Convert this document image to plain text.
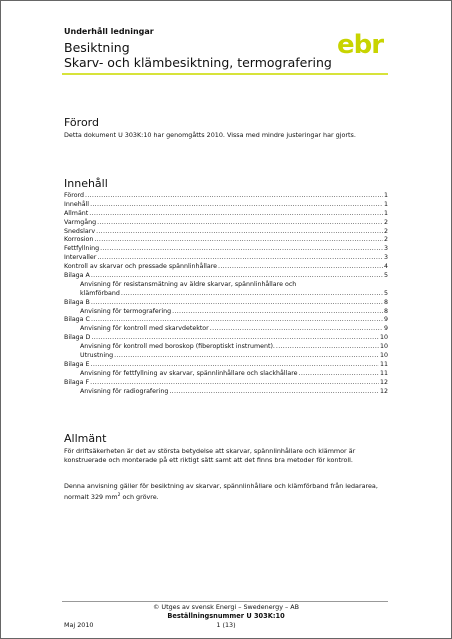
Underhåll ledningar
Besiktning
Skarv- och klämbesiktning, termografering
ebr
Förord
Detta dokument U 303K:10 har genomgåtts 2010. Vissa med mindre justeringar har gjorts.
Innehåll
Förord .....	1
Innehåll .....	1
Allmänt .....	1
Varmgång .....	2
Snedslarv .....	2
Korrosion .....	2
Fettfyllning .....	3
Intervaller .....	3
Kontroll av skarvar och pressade spännlinhållare .....	4
Bilaga A .....	5
Anvisning för resistansmätning av äldre skarvar, spännlinhållare och
klämförband .....	5
Bilaga B .....	8
Anvisning för termografering .....	8
Bilaga C .....	9
Anvisning för kontroll med skarvdetektor .....	9
Bilaga D .....	10
Anvisning för kontroll med boroskop (fiberoptiskt instrument). .....	10
Utrustning .....	10
Bilaga E .....	11
Anvisning för fettfyllning av skarvar, spännlinhållare och slackhållare .....	11
Bilaga F .....	12
Anvisning för radiografering .....	12
Allmänt
För driftsäkerheten är det av största betydelse att skarvar, spännlinhållare och klämmor är konstruerade och monterade på ett riktigt sätt samt att det finns bra metoder för kontroll.
Denna anvisning gäller för besiktning av skarvar, spännlinhållare och klämförband från ledararea, normalt 329 $mm^2$ och grövre.
© Utges av svensk Energi – Swedenergy – AB
Beställningsnummer U 303K:10
Maj 2010	1 (13)
